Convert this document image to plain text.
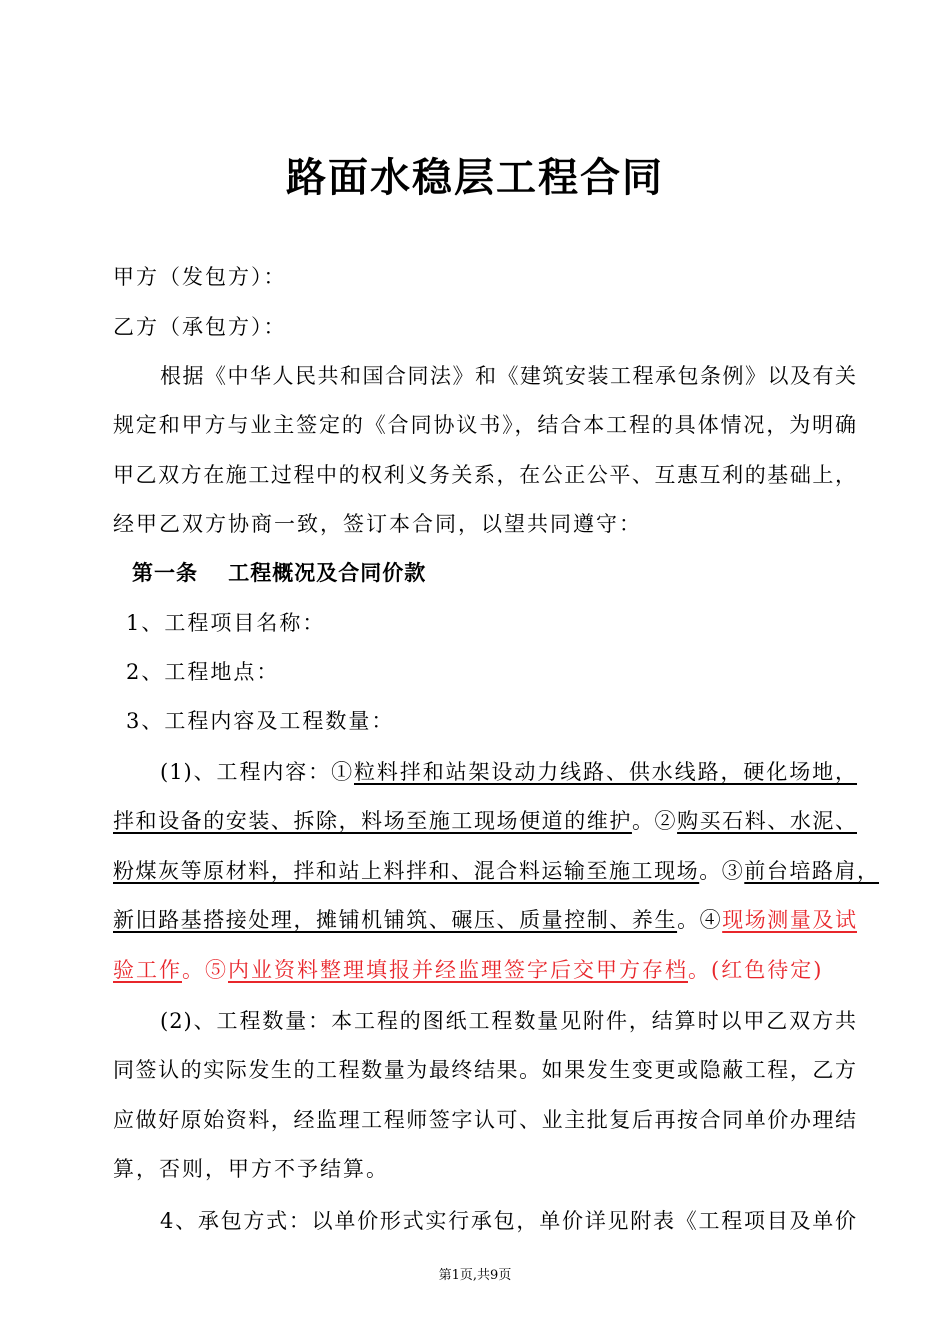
路面水稳层工程合同
甲方（发包方）：
乙方（承包方）：
根据《中华人民共和国合同法》和《建筑安装工程承包条例》以及有关
规定和甲方与业主签定的《合同协议书》，结合本工程的具体情况，为明确
甲乙双方在施工过程中的权利义务关系，在公正公平、互惠互利的基础上，
经甲乙双方协商一致，签订本合同，以望共同遵守：
第一条　 工程概况及合同价款
1、工程项目名称：
2、工程地点：
3、工程内容及工程数量：
(1)、工程内容：①粒料拌和站架设动力线路、供水线路，硬化场地，
拌和设备的安装、拆除，料场至施工现场便道的维护。②购买石料、水泥、
粉煤灰等原材料，拌和站上料拌和、混合料运输至施工现场。③前台培路肩，
新旧路基搭接处理，摊铺机铺筑、碾压、质量控制、养生。④现场测量及试
验工作。⑤内业资料整理填报并经监理签字后交甲方存档。(红色待定)
(2)、工程数量：本工程的图纸工程数量见附件，结算时以甲乙双方共
同签认的实际发生的工程数量为最终结果。如果发生变更或隐蔽工程，乙方
应做好原始资料，经监理工程师签字认可、业主批复后再按合同单价办理结
算，否则，甲方不予结算。
4、承包方式：以单价形式实行承包，单价详见附表《工程项目及单价
第1页,共9页
